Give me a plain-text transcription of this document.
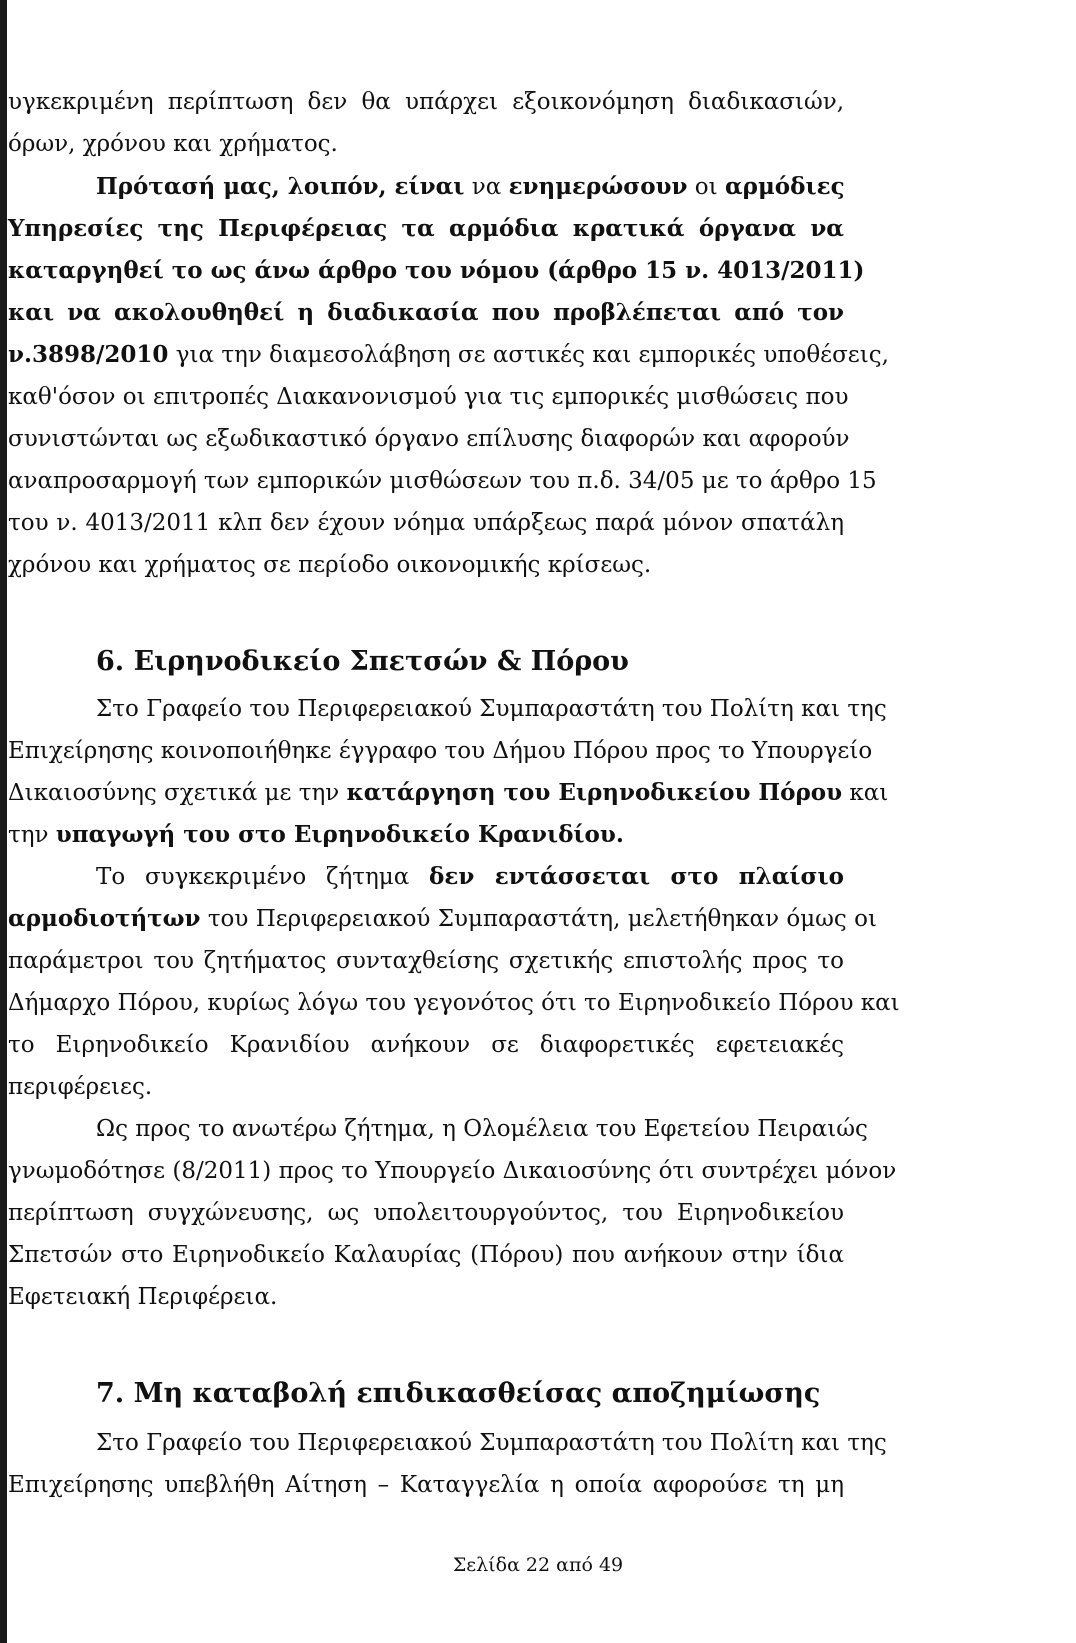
υγκεκριμένη περίπτωση δεν θα υπάρχει εξοικονόμηση διαδικασιών,
όρων, χρόνου και χρήματος.
Πρότασή μας, λοιπόν, είναι να ενημερώσουν οι αρμόδιες
Υπηρεσίες της Περιφέρειας τα αρμόδια κρατικά όργανα να
καταργηθεί το ως άνω άρθρο του νόμου (άρθρο 15 ν. 4013/2011)
και να ακολουθηθεί η διαδικασία που προβλέπεται από τον
ν.3898/2010 για την διαμεσολάβηση σε αστικές και εμπορικές υποθέσεις,
καθ'όσον οι επιτροπές Διακανονισμού για τις εμπορικές μισθώσεις που
συνιστώνται ως εξωδικαστικό όργανο επίλυσης διαφορών και αφορούν
αναπροσαρμογή των εμπορικών μισθώσεων του π.δ. 34/05 με το άρθρο 15
του ν. 4013/2011 κλπ δεν έχουν νόημα υπάρξεως παρά μόνον σπατάλη
χρόνου και χρήματος σε περίοδο οικονομικής κρίσεως.
6. Ειρηνοδικείο Σπετσών & Πόρου
Στο Γραφείο του Περιφερειακού Συμπαραστάτη του Πολίτη και της
Επιχείρησης κοινοποιήθηκε έγγραφο του Δήμου Πόρου προς το Υπουργείο
Δικαιοσύνης σχετικά με την κατάργηση του Ειρηνοδικείου Πόρου και
την υπαγωγή του στο Ειρηνοδικείο Κρανιδίου.
Το συγκεκριμένο ζήτημα δεν εντάσσεται στο πλαίσιο
αρμοδιοτήτων του Περιφερειακού Συμπαραστάτη, μελετήθηκαν όμως οι
παράμετροι του ζητήματος συνταχθείσης σχετικής επιστολής προς το
Δήμαρχο Πόρου, κυρίως λόγω του γεγονότος ότι το Ειρηνοδικείο Πόρου και
το Ειρηνοδικείο Κρανιδίου ανήκουν σε διαφορετικές εφετειακές
περιφέρειες.
Ως προς το ανωτέρω ζήτημα, η Ολομέλεια του Εφετείου Πειραιώς
γνωμοδότησε (8/2011) προς το Υπουργείο Δικαιοσύνης ότι συντρέχει μόνον
περίπτωση συγχώνευσης, ως υπολειτουργούντος, του Ειρηνοδικείου
Σπετσών στο Ειρηνοδικείο Καλαυρίας (Πόρου) που ανήκουν στην ίδια
Εφετειακή Περιφέρεια.
7. Μη καταβολή επιδικασθείσας αποζημίωσης
Στο Γραφείο του Περιφερειακού Συμπαραστάτη του Πολίτη και της
Επιχείρησης υπεβλήθη Αίτηση – Καταγγελία η οποία αφορούσε τη μη
Σελίδα 22 από 49
